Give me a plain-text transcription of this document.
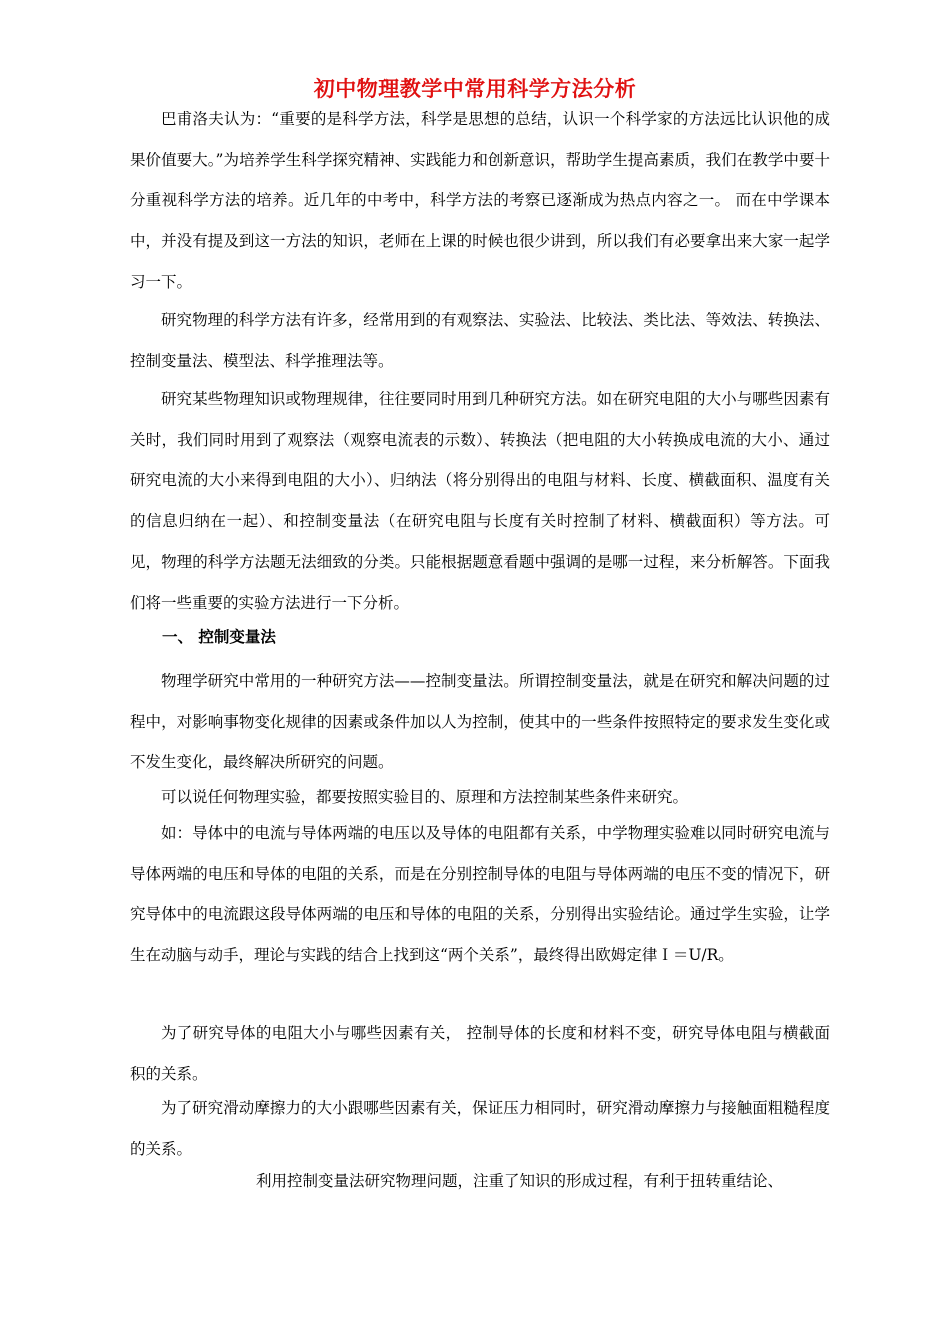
初中物理教学中常用科学方法分析
巴甫洛夫认为：“重要的是科学方法，科学是思想的总结，认识一个科学家的方法远比认识他的成果价值要大。”为培养学生科学探究精神、实践能力和创新意识，帮助学生提高素质，我们在教学中要十分重视科学方法的培养。近几年的中考中，科学方法的考察已逐渐成为热点内容之一。 而在中学课本中，并没有提及到这一方法的知识，老师在上课的时候也很少讲到，所以我们有必要拿出来大家一起学习一下。
研究物理的科学方法有许多，经常用到的有观察法、实验法、比较法、类比法、等效法、转换法、控制变量法、模型法、科学推理法等。
研究某些物理知识或物理规律，往往要同时用到几种研究方法。如在研究电阻的大小与哪些因素有关时，我们同时用到了观察法（观察电流表的示数）、转换法（把电阻的大小转换成电流的大小、通过研究电流的大小来得到电阻的大小）、归纳法（将分别得出的电阻与材料、长度、横截面积、温度有关的信息归纳在一起）、和控制变量法（在研究电阻与长度有关时控制了材料、横截面积）等方法。可见，物理的科学方法题无法细致的分类。只能根据题意看题中强调的是哪一过程，来分析解答。下面我们将一些重要的实验方法进行一下分析。
一、 控制变量法
物理学研究中常用的一种研究方法——控制变量法。所谓控制变量法，就是在研究和解决问题的过程中，对影响事物变化规律的因素或条件加以人为控制，使其中的一些条件按照特定的要求发生变化或不发生变化，最终解决所研究的问题。
可以说任何物理实验，都要按照实验目的、原理和方法控制某些条件来研究。
如：导体中的电流与导体两端的电压以及导体的电阻都有关系，中学物理实验难以同时研究电流与导体两端的电压和导体的电阻的关系，而是在分别控制导体的电阻与导体两端的电压不变的情况下，研究导体中的电流跟这段导体两端的电压和导体的电阻的关系，分别得出实验结论。通过学生实验，让学生在动脑与动手，理论与实践的结合上找到这“两个关系”，最终得出欧姆定律Ｉ＝U/R。
为了研究导体的电阻大小与哪些因素有关， 控制导体的长度和材料不变，研究导体电阻与横截面积的关系。
为了研究滑动摩擦力的大小跟哪些因素有关，保证压力相同时，研究滑动摩擦力与接触面粗糙程度的关系。
利用控制变量法研究物理问题，注重了知识的形成过程，有利于扭转重结论、
